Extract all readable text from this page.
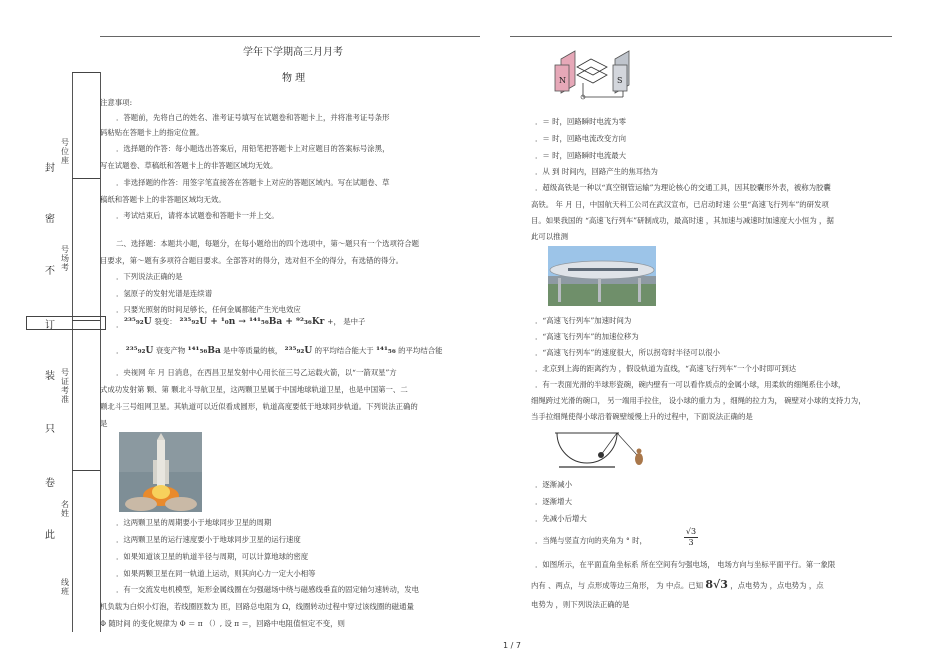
号位座
封
密
号场考
不
订
号证考准
装
只
卷
名姓
此
线班
学年下学期高三月月考
物 理
注意事项:
．答题前，先将自己的姓名、准考证号填写在试题卷和答题卡上，并将准考证号条形
码粘贴在答题卡上的指定位置。
．选择题的作答：每小题选出答案后，用铅笔把答题卡上对应题目的答案标号涂黑，
写在试题卷、草稿纸和答题卡上的非答题区域均无效。
．非选择题的作答：用签字笔直接答在答题卡上对应的答题区域内。写在试题卷、草
稿纸和答题卡上的非答题区域均无效。
．考试结束后，请将本试题卷和答题卡一并上交。
二、选择题：本题共小题，每题分，在每小题给出的四个选项中，第～题只有一个选项符合题
目要求，第～题有多项符合题目要求。全部答对的得分，选对但不全的得分，有选错的得分。
．下列说法正确的是
．氢原子的发射光谱是连续谱
．只要光照射的时间足够长，任何金属都能产生光电效应
． ²³⁵₉₂U 裂变： ²³⁵₉₂U + ¹₀n → ¹⁴¹₅₆Ba + ⁹²₃₆Kr +， 是中子
． ²³⁵₉₂U 衰变产物 ¹⁴¹₅₆Ba 是中等质量的核， ²³⁵₉₂U 的平均结合能大于 ¹⁴¹₅₆ 的平均结合能
．央视网 年 月 日消息，在西昌卫星发射中心用长征三号乙运载火箭，以“一箭双星”方
式成功发射第 颗、第 颗北斗导航卫星，这两颗卫星属于中国地球轨道卫星，也是中国第一、二
颗北斗三号组网卫星。其轨道可以近似看成圆形，轨道高度要低于地球同步轨道。下列说法正确的
是
．这两颗卫星的周期要小于地球同步卫星的周期
．这两颗卫星的运行速度要小于地球同步卫星的运行速度
．如果知道该卫星的轨道半径与周期，可以计算地球的密度
．如果两颗卫星在同一轨道上运动，则其向心力一定大小相等
．有一交流发电机模型，矩形金属线圈在匀强磁场中绕与磁感线垂直的固定轴匀速转动，发电
机负载为白炽小灯泡，若线圈匝数为 匝，回路总电阻为 Ω，线圈转动过程中穿过该线圈的磁通量
Φ 随时间 的变化规律为 Φ ＝ π （）, 设 π ＝，回路中电阻值恒定不变，则
N	S
．＝ 时，回路瞬时电流为零
．＝ 时，回路电流改变方向
．＝ 时，回路瞬时电流最大
．从 到 时间内，回路产生的焦耳热为
．超级高铁是一种以“真空钢管运输”为理论核心的交通工具，因其胶囊形外表，被称为胶囊
高铁。 年 月 日，中国航天科工公司在武汉宣布，已启动时速 公里“高速飞行列车”的研发项
目。如果我国的 “高速飞行列车”研制成功，最高时速 ，其加速与减速时加速度大小恒为 ，据
此可以推测
．“高速飞行列车”加速时间为
．“高速飞行列车”的加速位移为
．“高速飞行列车”的速度很大，所以拐弯时半径可以很小
．北京到上海的距离约为 ，假设轨道为直线，“高速飞行列车”一个小时即可到达
．有一表面光滑的半球形瓷碗，碗内壁有一可以看作质点的金属小球，用柔软的细绳系住小球，
细绳跨过光滑的碗口， 另一端用手拉住， 设小球的重力为 ，细绳的拉力为， 碗壁对小球的支持力为，
当手拉细绳使得小球沿着碗壁缓慢上升的过程中，下面说法正确的是
．逐渐减小
．逐渐增大
．先减小后增大
．当绳与竖直方向的夹角为 ° 时，
√3
3
．如图所示，在平面直角坐标系 所在空间有匀强电场， 电场方向与坐标平面平行。第一象限
内有 、两点，与 点形成等边三角形， 为 中点。已知 8√3 ，点电势为 ，点电势为 ，点
电势为 ，则下列说法正确的是
1 / 7
